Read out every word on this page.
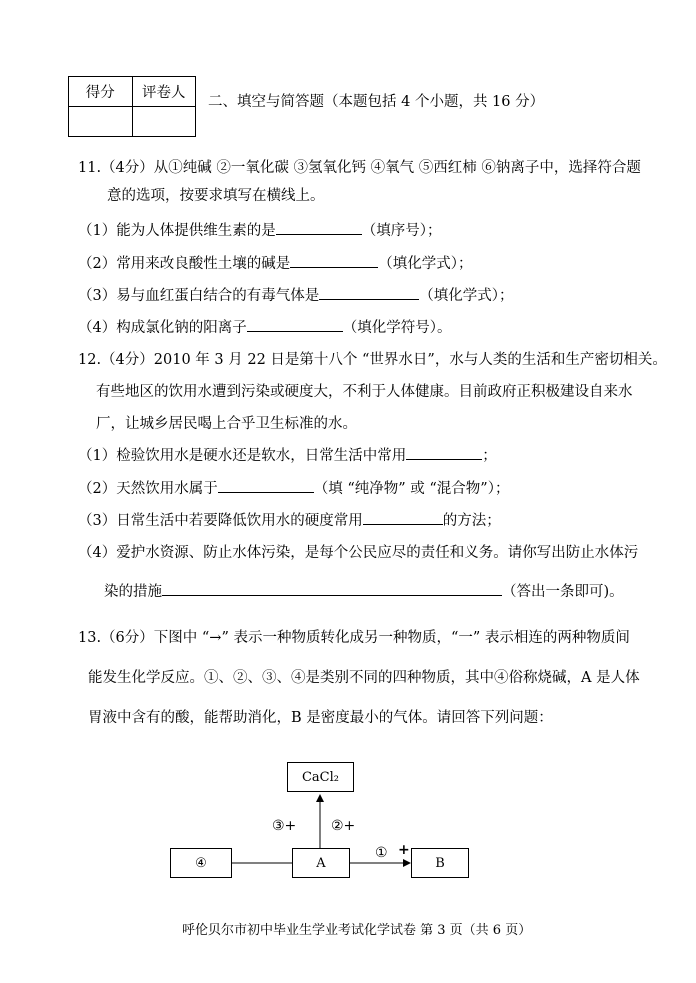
得分	评卷人

二、填空与简答题（本题包括 4 个小题，共 16 分）
11.（4分）从①纯碱 ②一氧化碳 ③氢氧化钙 ④氧气 ⑤西红柿 ⑥钠离子中，选择符合题
意的选项，按要求填写在横线上。
（1）能为人体提供维生素的是	（填序号）；
（2）常用来改良酸性土壤的碱是	（填化学式）；
（3）易与血红蛋白结合的有毒气体是	（填化学式）；
（4）构成氯化钠的阳离子	（填化学符号）。
12.（4分）2010 年 3 月 22 日是第十八个 “世界水日”，水与人类的生活和生产密切相关。
有些地区的饮用水遭到污染或硬度大，不利于人体健康。目前政府正积极建设自来水
厂，让城乡居民喝上合乎卫生标准的水。
（1）检验饮用水是硬水还是软水，日常生活中常用	；
（2）天然饮用水属于	（填 “纯净物” 或 “混合物”）；
（3）日常生活中若要降低饮用水的硬度常用	的方法；
（4）爱护水资源、防止水体污染，是每个公民应尽的责任和义务。请你写出防止水体污
染的措施	（答出一条即可)。
13.（6分）下图中 “→” 表示一种物质转化成另一种物质，“一” 表示相连的两种物质间
能发生化学反应。①、②、③、④是类别不同的四种物质，其中④俗称烧碱，A 是人体
胃液中含有的酸，能帮助消化，B 是密度最小的气体。请回答下列问题：
CaCl₂
④	A	B
③+ ②+
① +
呼伦贝尔市初中毕业生学业考试化学试卷 第 3 页（共 6 页）
